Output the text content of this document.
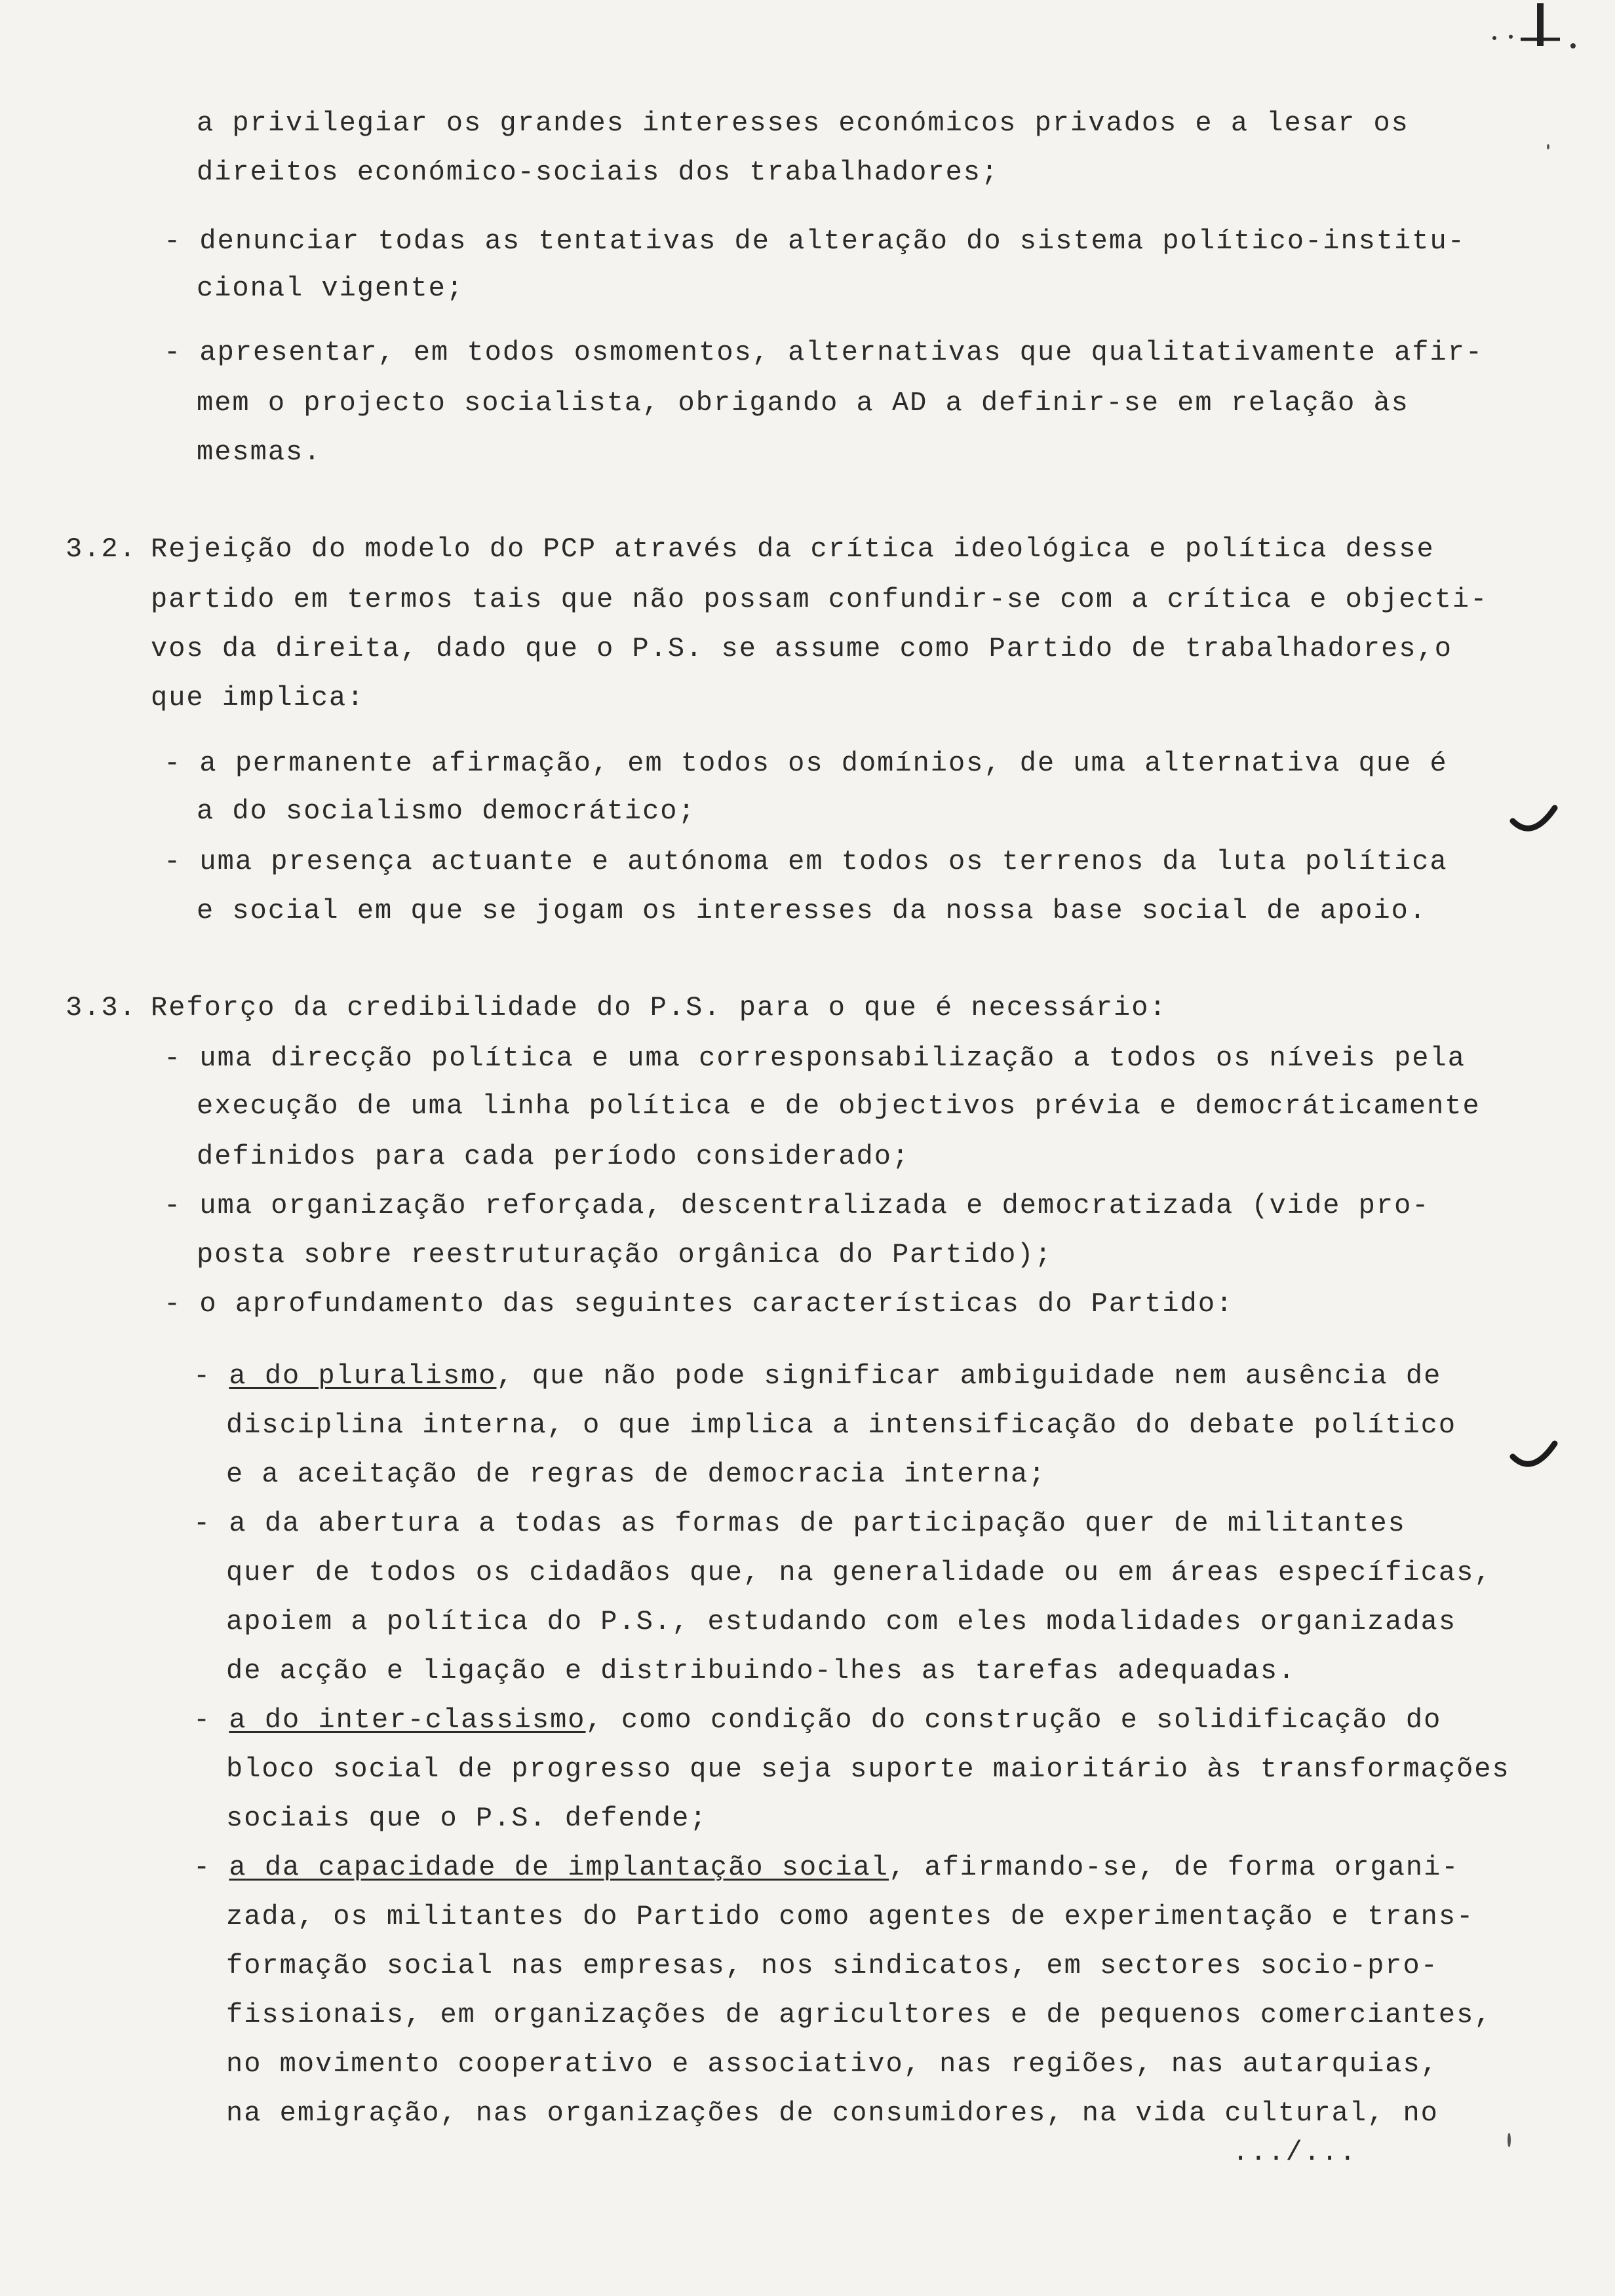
a privilegiar os grandes interesses económicos privados e a lesar os
direitos económico-sociais dos trabalhadores;
- denunciar todas as tentativas de alteração do sistema político-institu-
cional vigente;
- apresentar, em todos osmomentos, alternativas que qualitativamente afir-
mem o projecto socialista, obrigando a AD a definir-se em relação às
mesmas.
3.2. Rejeição do modelo do PCP através da crítica ideológica e política desse
partido em termos tais que não possam confundir-se com a crítica e objecti-
vos da direita, dado que o P.S. se assume como Partido de trabalhadores,o
que implica:
- a permanente afirmação, em todos os domínios, de uma alternativa que é
a do socialismo democrático;
- uma presença actuante e autónoma em todos os terrenos da luta política
e social em que se jogam os interesses da nossa base social de apoio.
3.3. Reforço da credibilidade do P.S. para o que é necessário:
- uma direcção política e uma corresponsabilização a todos os níveis pela
execução de uma linha política e de objectivos prévia e democráticamente
definidos para cada período considerado;
- uma organização reforçada, descentralizada e democratizada (vide pro-
posta sobre reestruturação orgânica do Partido);
- o aprofundamento das seguintes características do Partido:
- a do pluralismo, que não pode significar ambiguidade nem ausência de
disciplina interna, o que implica a intensificação do debate político
e a aceitação de regras de democracia interna;
- a da abertura a todas as formas de participação quer de militantes
quer de todos os cidadãos que, na generalidade ou em áreas específicas,
apoiem a política do P.S., estudando com eles modalidades organizadas
de acção e ligação e distribuindo-lhes as tarefas adequadas.
- a do inter-classismo, como condição do construção e solidificação do
bloco social de progresso que seja suporte maioritário às transformações
sociais que o P.S. defende;
- a da capacidade de implantação social, afirmando-se, de forma organi-
zada, os militantes do Partido como agentes de experimentação e trans-
formação social nas empresas, nos sindicatos, em sectores socio-pro-
fissionais, em organizações de agricultores e de pequenos comerciantes,
no movimento cooperativo e associativo, nas regiões, nas autarquias,
na emigração, nas organizações de consumidores, na vida cultural, no
.../...
